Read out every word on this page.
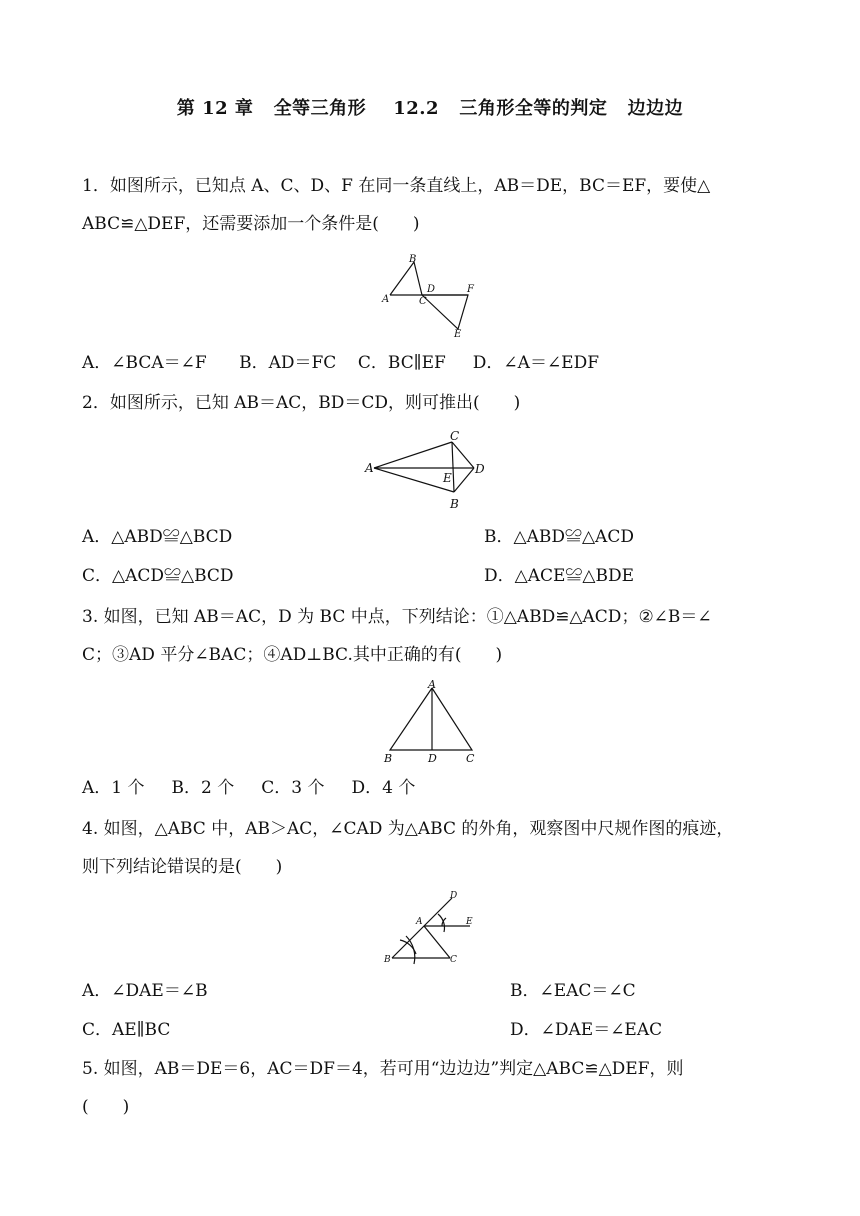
第 12 章   全等三角形    12.2   三角形全等的判定   边边边
1．如图所示，已知点 A、C、D、F 在同一条直线上，AB＝DE，BC＝EF，要使△
ABC≌△DEF，还需要添加一个条件是(　　)
A
B
C
D
E
F
A．∠BCA＝∠F      B．AD＝FC    C．BC∥EF     D．∠A＝∠EDF
2．如图所示，已知 AB＝AC，BD＝CD，则可推出(　　)
A
B
C
D
E
A．△ABD≌△BCD	B．△ABD≌△ACD
C．△ACD≌△BCD	D．△ACE≌△BDE
3. 如图，已知 AB＝AC，D 为 BC 中点，下列结论：①△ABD≌△ACD；②∠B＝∠
C；③AD 平分∠BAC；④AD⊥BC.其中正确的有(　　)
A
B	C
D
A．1 个     B．2 个     C．3 个     D．4 个
4. 如图，△ABC 中，AB＞AC，∠CAD 为△ABC 的外角，观察图中尺规作图的痕迹，
则下列结论错误的是(　　)
D
A	E
B	C
A．∠DAE＝∠B	B．∠EAC＝∠C
C．AE∥BC	D．∠DAE＝∠EAC
5. 如图，AB＝DE＝6，AC＝DF＝4，若可用“边边边”判定△ABC≌△DEF，则
(　　)
